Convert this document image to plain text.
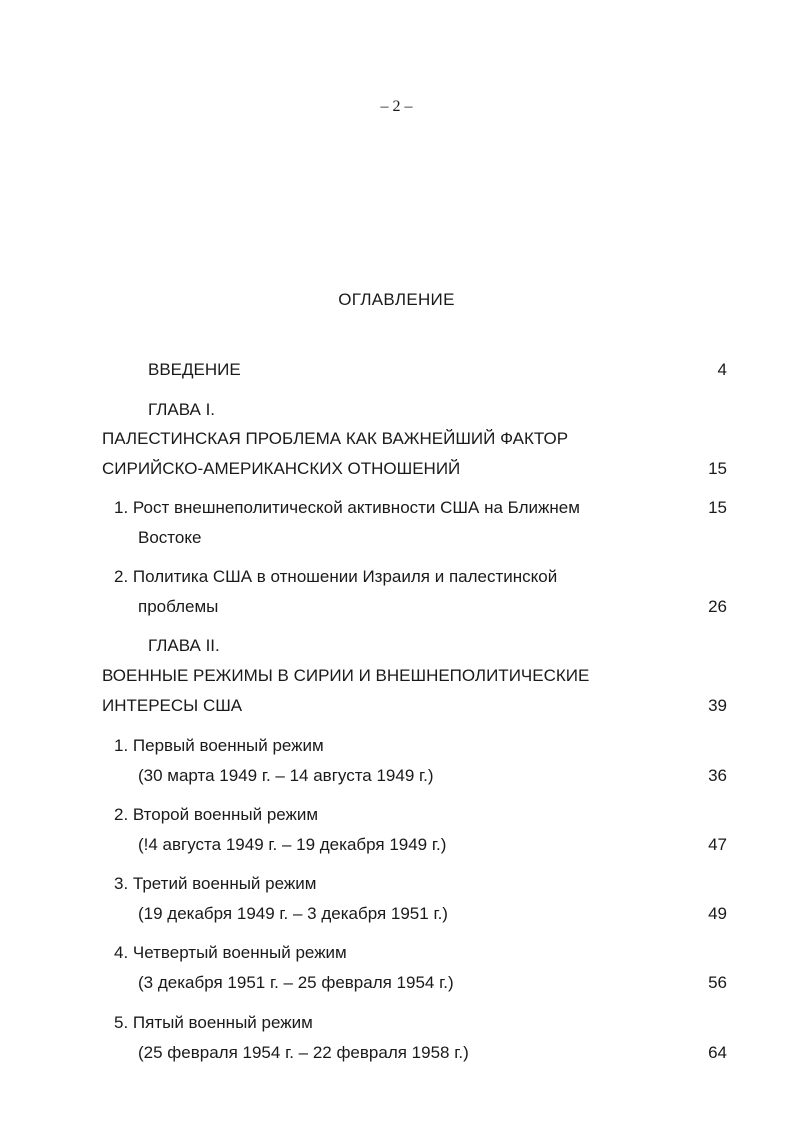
– 2 –
ОГЛАВЛЕНИЕ
ВВЕДЕНИЕ	4
ГЛАВА I.
ПАЛЕСТИНСКАЯ ПРОБЛЕМА КАК ВАЖНЕЙШИЙ ФАКТОР
СИРИЙСКО-АМЕРИКАНСКИХ ОТНОШЕНИЙ	15
1. Рост внешнеполитической активности США на Ближнем	15
Востоке
2. Политика США в отношении Израиля и палестинской
проблемы	26
ГЛАВА II.
ВОЕННЫЕ РЕЖИМЫ В СИРИИ И ВНЕШНЕПОЛИТИЧЕСКИЕ
ИНТЕРЕСЫ США	39
1. Первый военный режим
(30 марта 1949 г. – 14 августа 1949 г.)	36
2. Второй военный режим
(!4 августа 1949 г. – 19 декабря 1949 г.)	47
3. Третий военный режим
(19 декабря 1949 г. – 3 декабря 1951 г.)	49
4. Четвертый военный режим
(3 декабря 1951 г. – 25 февраля 1954 г.)	56
5. Пятый военный режим
(25 февраля 1954 г. – 22 февраля 1958 г.)	64
